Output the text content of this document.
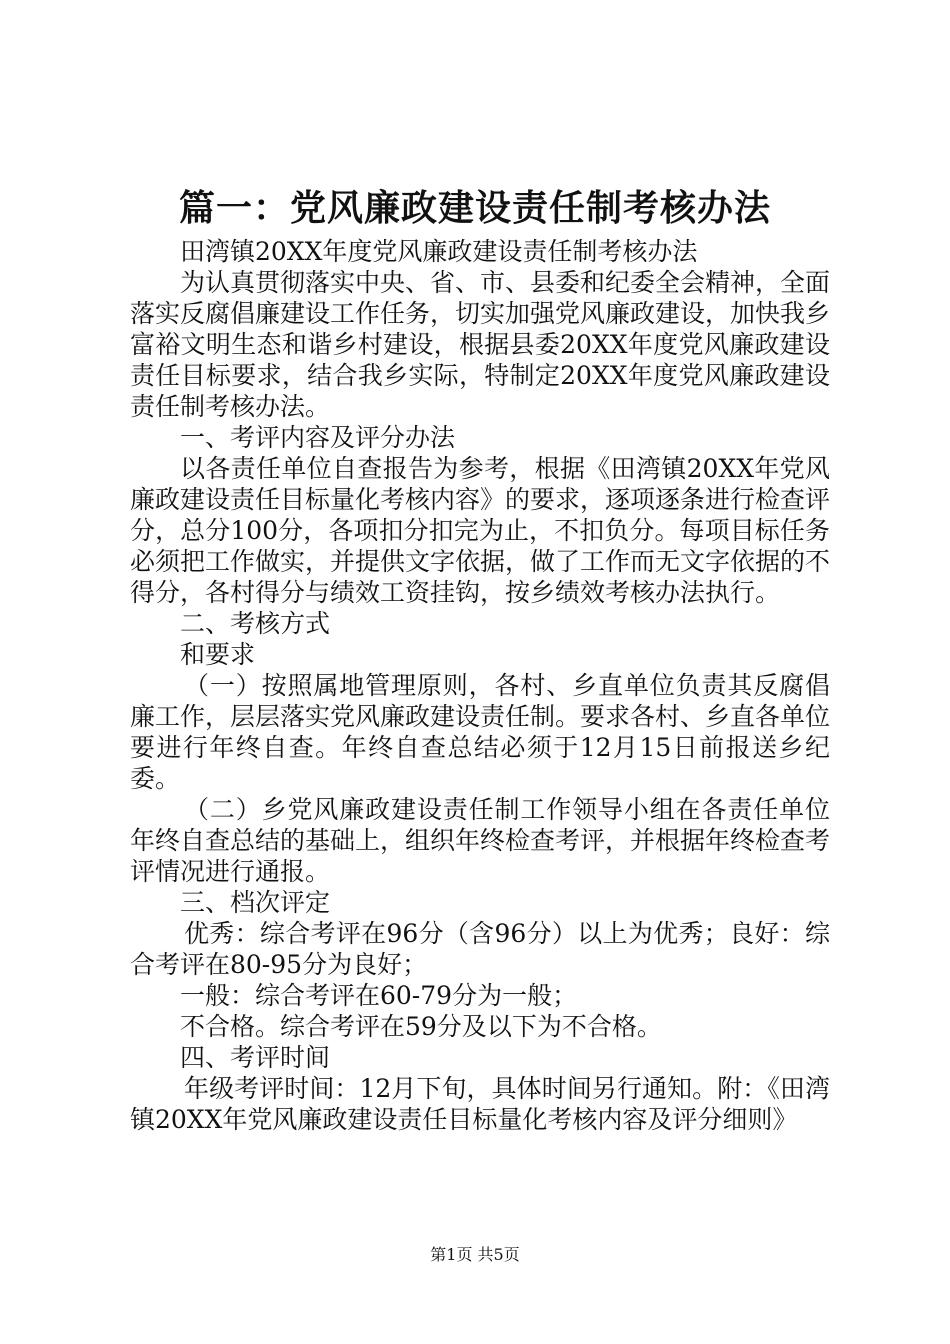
篇一：党风廉政建设责任制考核办法

田湾镇20XX年度党风廉政建设责任制考核办法

为认真贯彻落实中央、省、市、县委和纪委全会精神，全面落实反腐倡廉建设工作任务，切实加强党风廉政建设，加快我乡富裕文明生态和谐乡村建设，根据县委20XX年度党风廉政建设责任目标要求，结合我乡实际，特制定20XX年度党风廉政建设责任制考核办法。

一、考评内容及评分办法

以各责任单位自查报告为参考，根据《田湾镇20XX年党风廉政建设责任目标量化考核内容》的要求，逐项逐条进行检查评分，总分100分，各项扣分扣完为止，不扣负分。每项目标任务必须把工作做实，并提供文字依据，做了工作而无文字依据的不得分，各村得分与绩效工资挂钩，按乡绩效考核办法执行。

二、考核方式

和要求

（一）按照属地管理原则，各村、乡直单位负责其反腐倡廉工作，层层落实党风廉政建设责任制。要求各村、乡直各单位要进行年终自查。年终自查总结必须于12月15日前报送乡纪委。

（二）乡党风廉政建设责任制工作领导小组在各责任单位年终自查总结的基础上，组织年终检查考评，并根据年终检查考评情况进行通报。

三、档次评定

优秀：综合考评在96分（含96分）以上为优秀；良好：综合考评在80-95分为良好；

一般：综合考评在60-79分为一般；

不合格。综合考评在59分及以下为不合格。

四、考评时间

年级考评时间：12月下旬，具体时间另行通知。附：《田湾镇20XX年党风廉政建设责任目标量化考核内容及评分细则》

第1页 共5页
